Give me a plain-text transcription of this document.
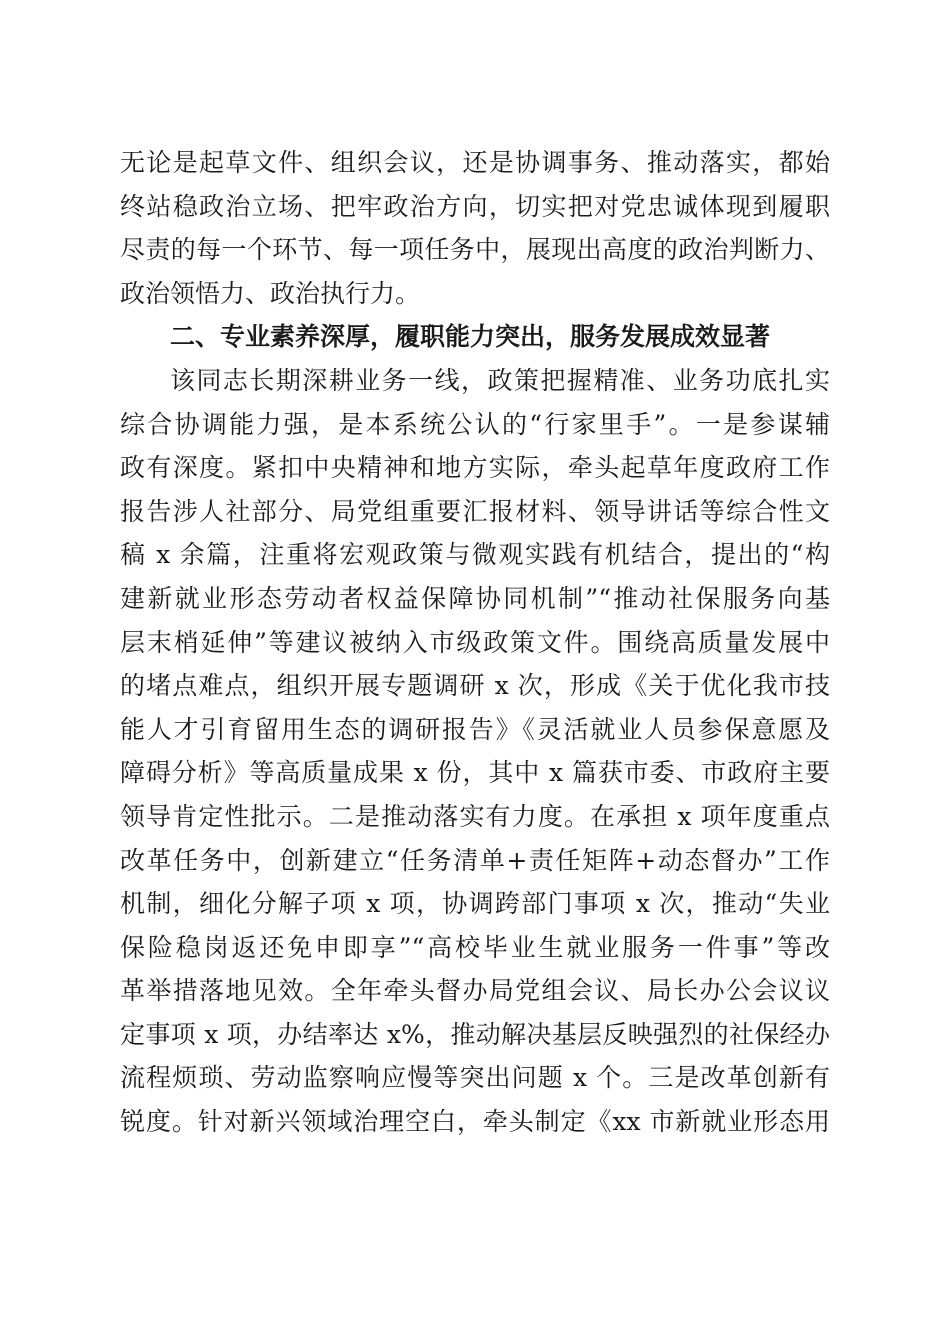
无论是起草文件、组织会议，还是协调事务、推动落实，都始
终站稳政治立场、把牢政治方向，切实把对党忠诚体现到履职
尽责的每一个环节、每一项任务中，展现出高度的政治判断力、
政治领悟力、政治执行力。
二、专业素养深厚，履职能力突出，服务发展成效显著
该同志长期深耕业务一线，政策把握精准、业务功底扎实
综合协调能力强，是本系统公认的“行家里手”。一是参谋辅
政有深度。紧扣中央精神和地方实际，牵头起草年度政府工作
报告涉人社部分、局党组重要汇报材料、领导讲话等综合性文
稿 x 余篇，注重将宏观政策与微观实践有机结合，提出的“构
建新就业形态劳动者权益保障协同机制”“推动社保服务向基
层末梢延伸”等建议被纳入市级政策文件。围绕高质量发展中
的堵点难点，组织开展专题调研 x 次，形成《关于优化我市技
能人才引育留用生态的调研报告》《灵活就业人员参保意愿及
障碍分析》等高质量成果 x 份，其中 x 篇获市委、市政府主要
领导肯定性批示。二是推动落实有力度。在承担 x 项年度重点
改革任务中，创新建立“任务清单+责任矩阵+动态督办”工作
机制，细化分解子项 x 项，协调跨部门事项 x 次，推动“失业
保险稳岗返还免申即享”“高校毕业生就业服务一件事”等改
革举措落地见效。全年牵头督办局党组会议、局长办公会议议
定事项 x 项，办结率达 x%，推动解决基层反映强烈的社保经办
流程烦琐、劳动监察响应慢等突出问题 x 个。三是改革创新有
锐度。针对新兴领域治理空白，牵头制定《xx 市新就业形态用
